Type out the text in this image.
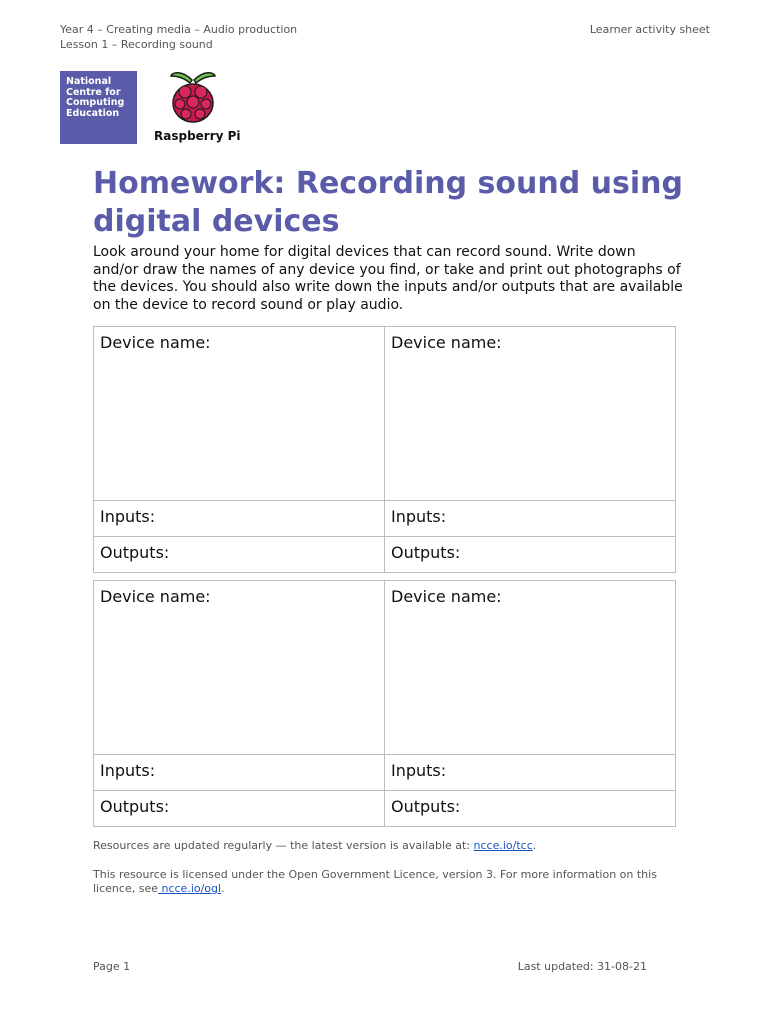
Year 4 – Creating media – Audio production
Lesson 1 – Recording sound
Learner activity sheet
National
Centre for
Computing
Education
Raspberry Pi
Homework: Recording sound using digital devices

Look around your home for digital devices that can record sound. Write down and/or draw the names of any device you find, or take and print out photographs of the devices. You should also write down the inputs and/or outputs that are available on the device to record sound or play audio.

Device name:	Device name:
Inputs:	Inputs:
Outputs:	Outputs:
Device name:	Device name:
Inputs:	Inputs:
Outputs:	Outputs:

Resources are updated regularly — the latest version is available at: ncce.io/tcc.

This resource is licensed under the Open Government Licence, version 3. For more information on this licence, see ncce.io/ogl.

Page 1	Last updated: 31-08-21
